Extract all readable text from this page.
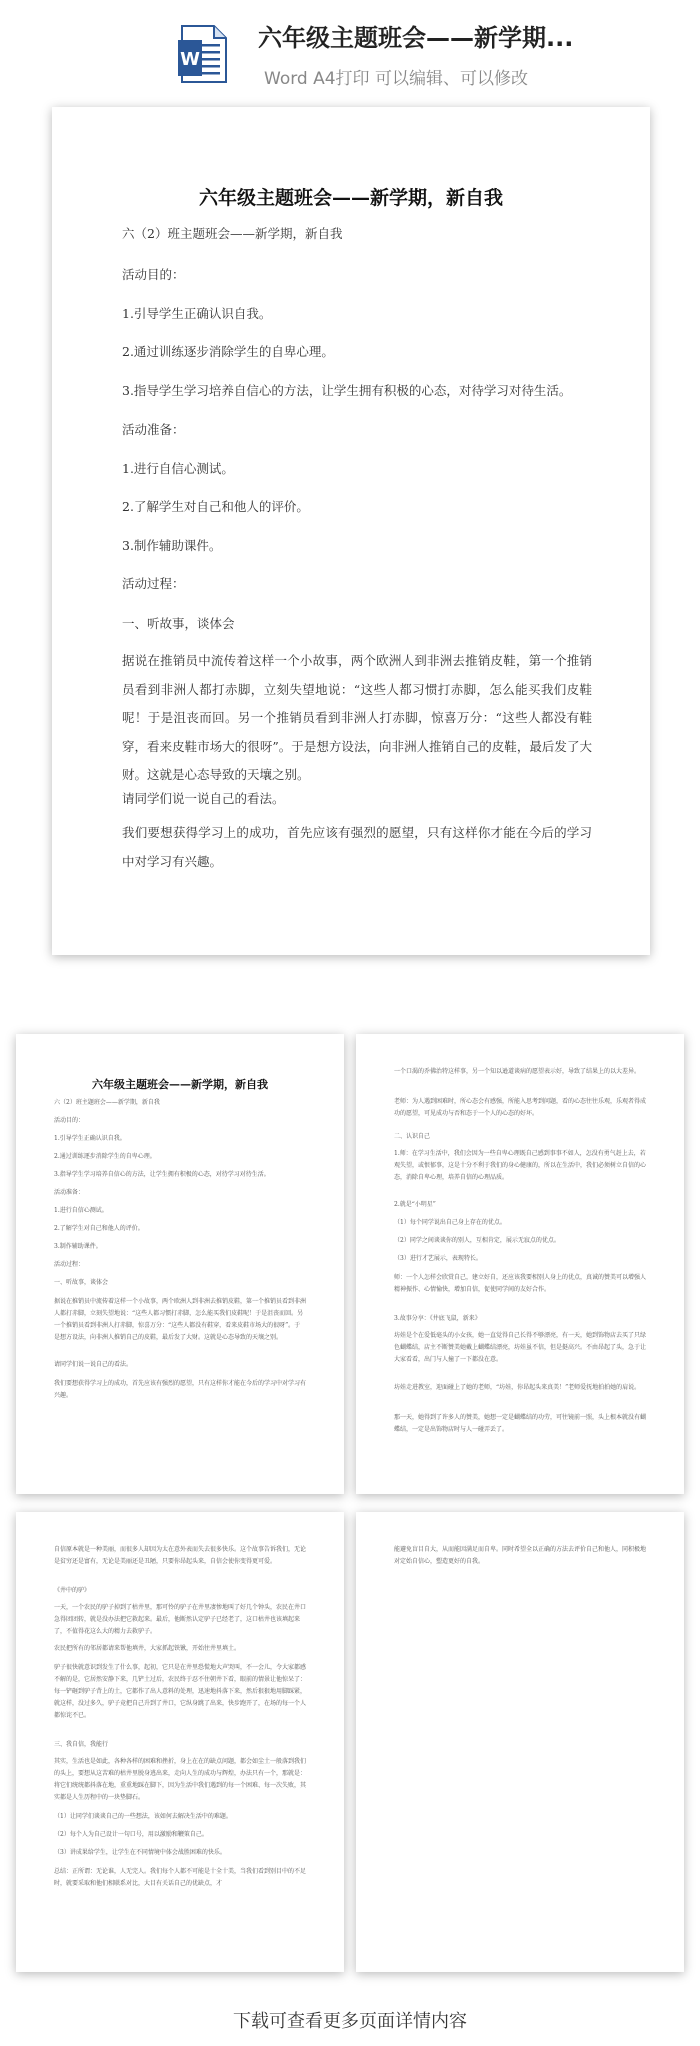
W
六年级主题班会——新学期...
Word A4打印 可以编辑、可以修改
六年级主题班会——新学期，新自我
六（2）班主题班会——新学期，新自我
活动目的：
1.引导学生正确认识自我。
2.通过训练逐步消除学生的自卑心理。
3.指导学生学习培养自信心的方法，让学生拥有积极的心态，对待学习对待生活。
活动准备：
1.进行自信心测试。
2.了解学生对自己和他人的评价。
3.制作辅助课件。
活动过程：
一、听故事，谈体会
据说在推销员中流传着这样一个小故事，两个欧洲人到非洲去推销皮鞋，第一个推销员看到非洲人都打赤脚，立刻失望地说：“这些人都习惯打赤脚，怎么能买我们皮鞋呢！于是沮丧而回。另一个推销员看到非洲人打赤脚，惊喜万分：“这些人都没有鞋穿，看来皮鞋市场大的很呀”。于是想方设法，向非洲人推销自己的皮鞋，最后发了大财。这就是心态导致的天壤之别。
请同学们说一说自己的看法。
我们要想获得学习上的成功，首先应该有强烈的愿望，只有这样你才能在今后的学习中对学习有兴趣。
六年级主题班会——新学期，新自我
六（2）班主题班会——新学期，新自我
活动目的：
1.引导学生正确认识自我。
2.通过训练逐步消除学生的自卑心理。
3.指导学生学习培养自信心的方法，让学生拥有积极的心态，对待学习对待生活。
活动准备：
1.进行自信心测试。
2.了解学生对自己和他人的评价。
3.制作辅助课件。
活动过程：
一、听故事，谈体会
据说在推销员中流传着这样一个小故事，两个欧洲人到非洲去推销皮鞋，第一个推销员看到非洲人都打赤脚，立刻失望地说：“这些人都习惯打赤脚，怎么能买我们皮鞋呢！于是沮丧而回。另一个推销员看到非洲人打赤脚，惊喜万分：“这些人都没有鞋穿，看来皮鞋市场大的很呀”。于是想方设法，向非洲人推销自己的皮鞋，最后发了大财。这就是心态导致的天壤之别。
请同学们说一说自己的看法。
我们要想获得学习上的成功，首先应该有强烈的愿望，只有这样你才能在今后的学习中对学习有兴趣。
一个口渴的乔佛治特这样事，另一个知以逊道谈病的愿望表示好，导致了结果上的以大差异。
老师：为人遇到困难时，所心态会有感强，所能入思考到问题，看的心态往往乐观，乐观者得成功的愿望，可见成功与否和态于一个人的心态的好坏。
二、认识自己
1.师：在学习生活中，我们会因为一些自卑心理既自己感到事事不如人，怎没有勇气赶上去，若观失望，或恨郁事，这是十分不利于我们的身心健康的，所以在生活中，我们必须树立自信的心态，消除自卑心理，培养自信的心理品质。
2.就是“小明星”
（1）每个同学说出自己身上存在的优点。
（2）同学之间谈谈你的别人，互相肯定，展示无寂点的优点。
（3）进行才艺展示，表现特长。
师：一个人怎样会欣赏自己，建立好自，还应该我要相别人身上的优点，真诚的赞美可以增强人精神振作、心情愉快，增加自信，促使同学间的友好合作。
3.故事分享：《井底飞鼠，新来》
坊娃是个在爱低毫头的小女孩，她一直觉得自己长得不够漂亮，有一天，她到饰物店去买了只绿色蝴蝶结，店主不断赞美她戴上蝴蝶结漂亮，坊娃虽不信，但是挺高兴。不由昂起了头，急于让大家看看，出门与人撞了一下都没在意。
坊娃走进教室，迎面碰上了她的老师，“坊娃，你昂起头来真美！”老师爱抚地拍拍她的肩说。
那一天，她得到了许多人的赞美，她想一定是蝴蝶结的功劳，可往镜前一照，头上根本就没有蝴蝶结，一定是出饰物店时与人一碰弄丢了。
自信原本就是一种美丽，而很多人却因为太在意外表而失去很多快乐。这个故事告诉我们，无论是贫穷还是富有，无论是美丽还是丑陋，只要你昂起头来，自信会使你变得更可爱。
《井中的驴》
一天，一个农民的驴子掉到了枯井里，那可怜的驴子在井里凄惨地叫了好几个钟头，农民在井口急得团团转，就是没办法把它救起来。最后，他断然认定驴子已经老了，这口枯井也该填起来了，不值得花这么大的精力去救驴子。
农民把所有的邻居都请来帮他填井，大家抓起铁锹，开始往井里填土。
驴子很快就意识到发生了什么事，起初，它只是在井里恐慌地大声哭叫，不一会儿，令大家都感不解的是，它居然安静下来，几铲土过后，农民终于忍不住朝井下看，眼前的情景让他惊呆了：每一铲砸到驴子背上的土，它都作了出人意料的处理，迅速地抖落下来，然后狠狠地用脚踩紧，就这样，没过多久，驴子竟把自己升到了井口，它纵身跳了出来，快步跑开了，在场的每一个人都惊诧不已。
三、我自信，我能行
其实，生活也是如此，各种各样的困难和挫折，身上在在的缺点问题，都会如尘土一般落到我们的头上，要想从这苦难的枯井里脱身逃出来，走向人生的成功与辉煌，办法只有一个，那就是：将它们统统都抖落在地，重重地踩在脚下，因为生活中我们遇到的每一个困难、每一次失败，其实都是人生历程中的一块垫脚石。
（1）让同学们谈谈自己的一些想法，该如何去解决生活中的难题。
（2）每个人为自己设计一句口号，用以激励和鞭策自己。
（3）讲成果给学生，让学生在不同情境中体会战胜困难的快乐。
总结：正所谓：无论谁，人无完人。我们每个人都不可能是十全十美，当我们看到别目中的不足时，就要采取和他们相联系对比，大目有关话自己的优缺点，才
能避免盲目自大，从而能因满足而自卑。同时希望全以正确的方法去评价自己和他人，同积极地对定始自信心，塑造更好的自我。
下载可查看更多页面详情内容
